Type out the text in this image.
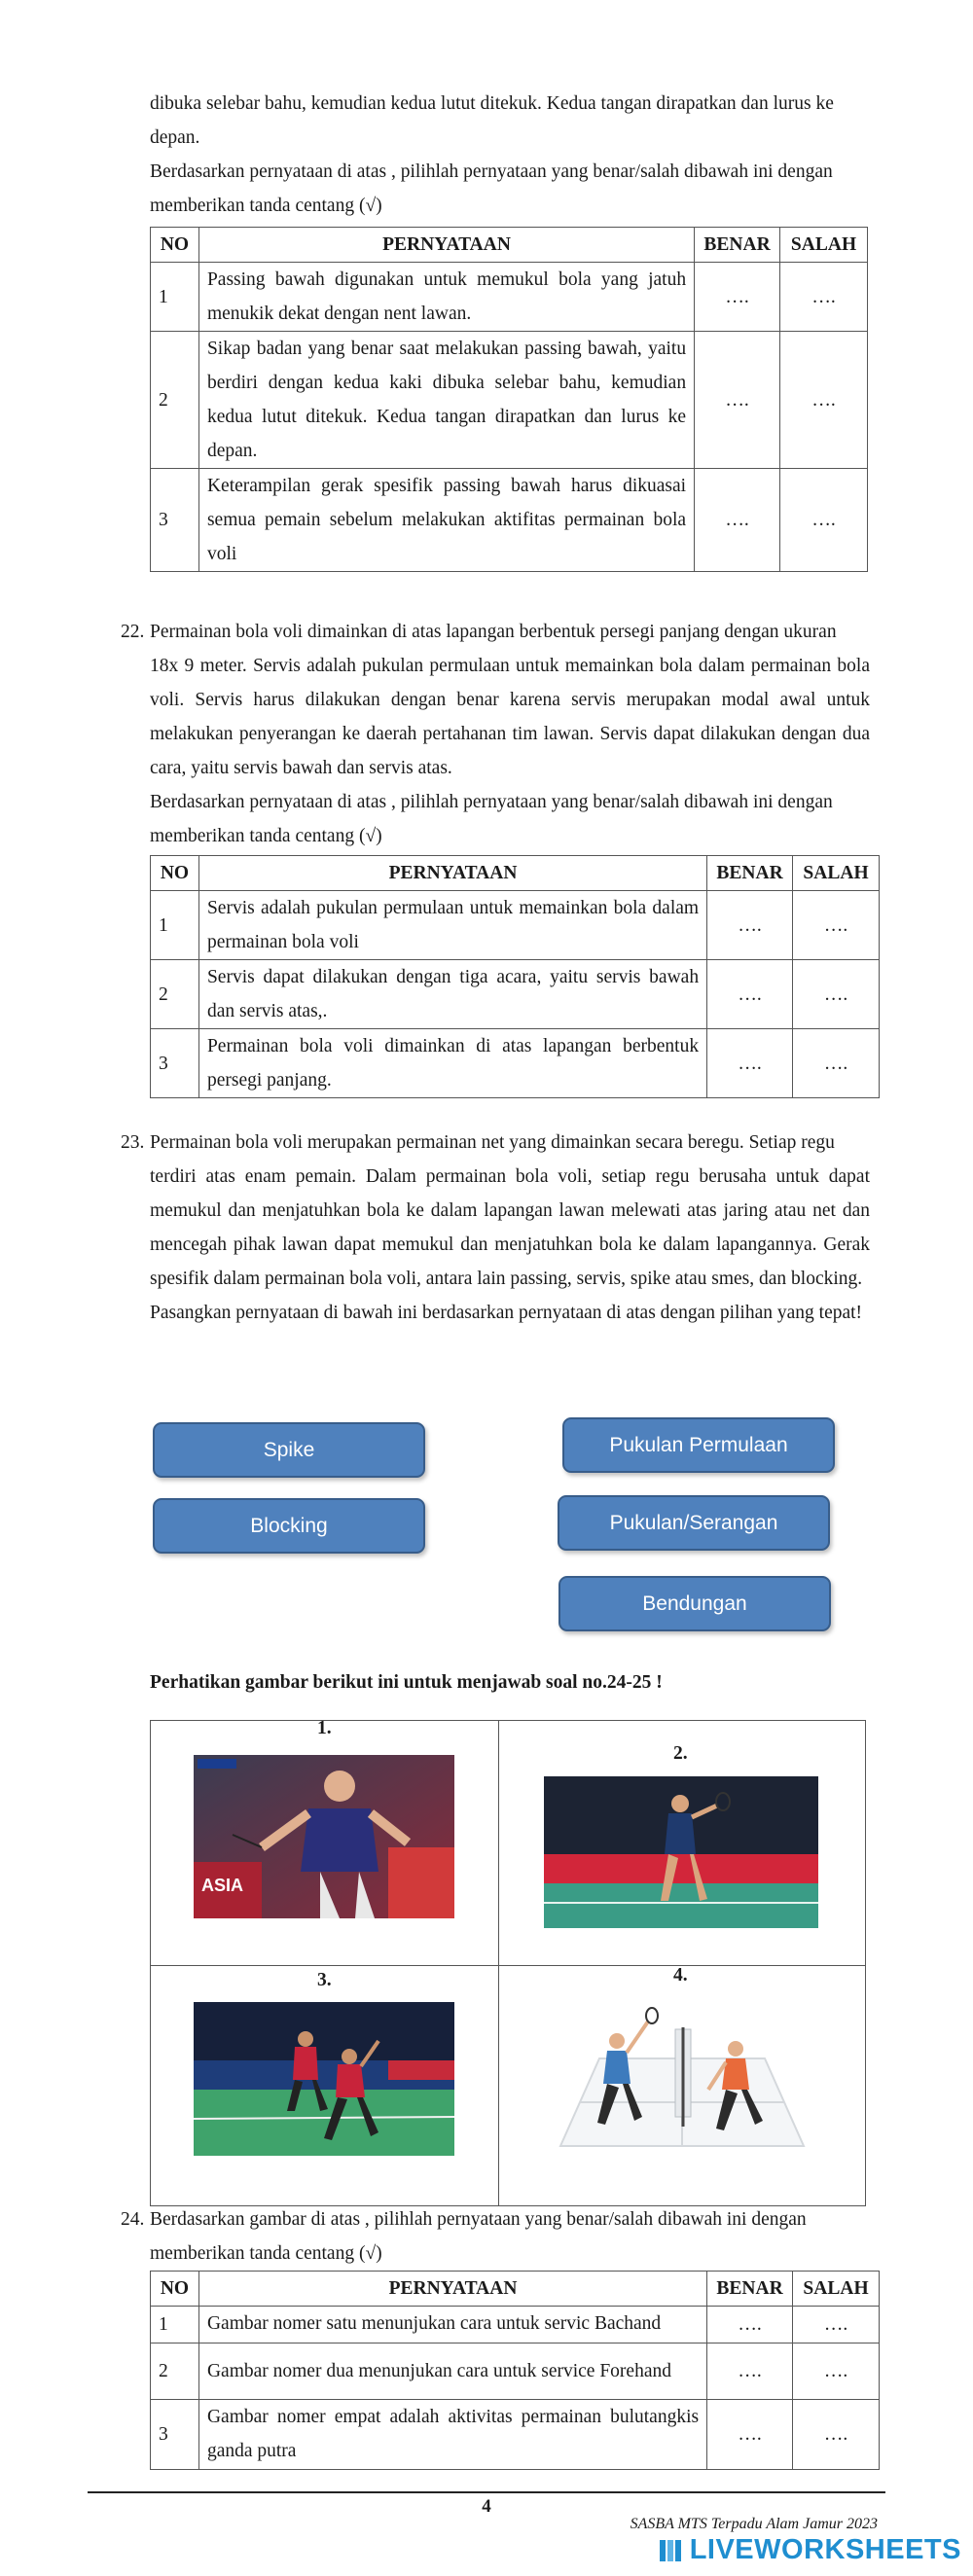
dibuka selebar bahu, kemudian kedua lutut ditekuk. Kedua tangan dirapatkan dan lurus ke
depan.
Berdasarkan pernyataan di atas , pilihlah pernyataan yang benar/salah dibawah ini dengan
memberikan tanda centang (√)
NO	PERNYATAAN	BENAR	SALAH
1	Passing bawah digunakan untuk memukul bola yang jatuh menukik dekat dengan nent lawan.	….	….
2	Sikap badan yang benar saat melakukan passing bawah, yaitu berdiri dengan kedua kaki dibuka selebar bahu, kemudian kedua lutut ditekuk. Kedua tangan dirapatkan dan lurus ke depan.	….	….
3	Keterampilan gerak spesifik passing bawah harus dikuasai semua pemain sebelum melakukan aktifitas permainan bola voli	….	….
22. Permainan bola voli dimainkan di atas lapangan berbentuk persegi panjang dengan ukuran
18x 9 meter. Servis adalah pukulan permulaan untuk memainkan bola dalam permainan bola voli. Servis harus dilakukan dengan benar karena servis merupakan modal awal untuk melakukan penyerangan ke daerah pertahanan tim lawan. Servis dapat dilakukan dengan dua cara, yaitu servis bawah dan servis atas.
Berdasarkan pernyataan di atas , pilihlah pernyataan yang benar/salah dibawah ini dengan
memberikan tanda centang (√)
NO	PERNYATAAN	BENAR	SALAH
1	Servis adalah pukulan permulaan untuk memainkan bola dalam permainan bola voli	….	….
2	Servis dapat dilakukan dengan tiga acara, yaitu servis bawah dan servis atas,.	….	….
3	Permainan bola voli dimainkan di atas lapangan berbentuk persegi panjang.	….	….
23. Permainan bola voli merupakan permainan net yang dimainkan secara beregu. Setiap regu
terdiri atas enam pemain. Dalam permainan bola voli, setiap regu berusaha untuk dapat memukul dan menjatuhkan bola ke dalam lapangan lawan melewati atas jaring atau net dan mencegah pihak lawan dapat memukul dan menjatuhkan bola ke dalam lapangannya. Gerak spesifik dalam permainan bola voli, antara lain passing, servis, spike atau smes, dan blocking.
Pasangkan pernyataan di bawah ini berdasarkan pernyataan di atas dengan pilihan yang tepat!
Spike
Blocking
Pukulan Permulaan
Pukulan/Serangan
Bendungan
Perhatikan gambar berikut ini untuk menjawab soal no.24-25 !
1.
ASIA
2.
3.	4.
24. Berdasarkan gambar di atas , pilihlah pernyataan yang benar/salah dibawah ini dengan
memberikan tanda centang (√)
NO	PERNYATAAN	BENAR	SALAH
1	Gambar nomer satu menunjukan cara untuk servic Bachand	….	….
2	Gambar nomer dua menunjukan cara untuk service Forehand	….	….
3	Gambar nomer empat adalah aktivitas permainan bulutangkis ganda putra	….	….
4
SASBA MTS Terpadu Alam Jamur 2023
LIVEWORKSHEETS
